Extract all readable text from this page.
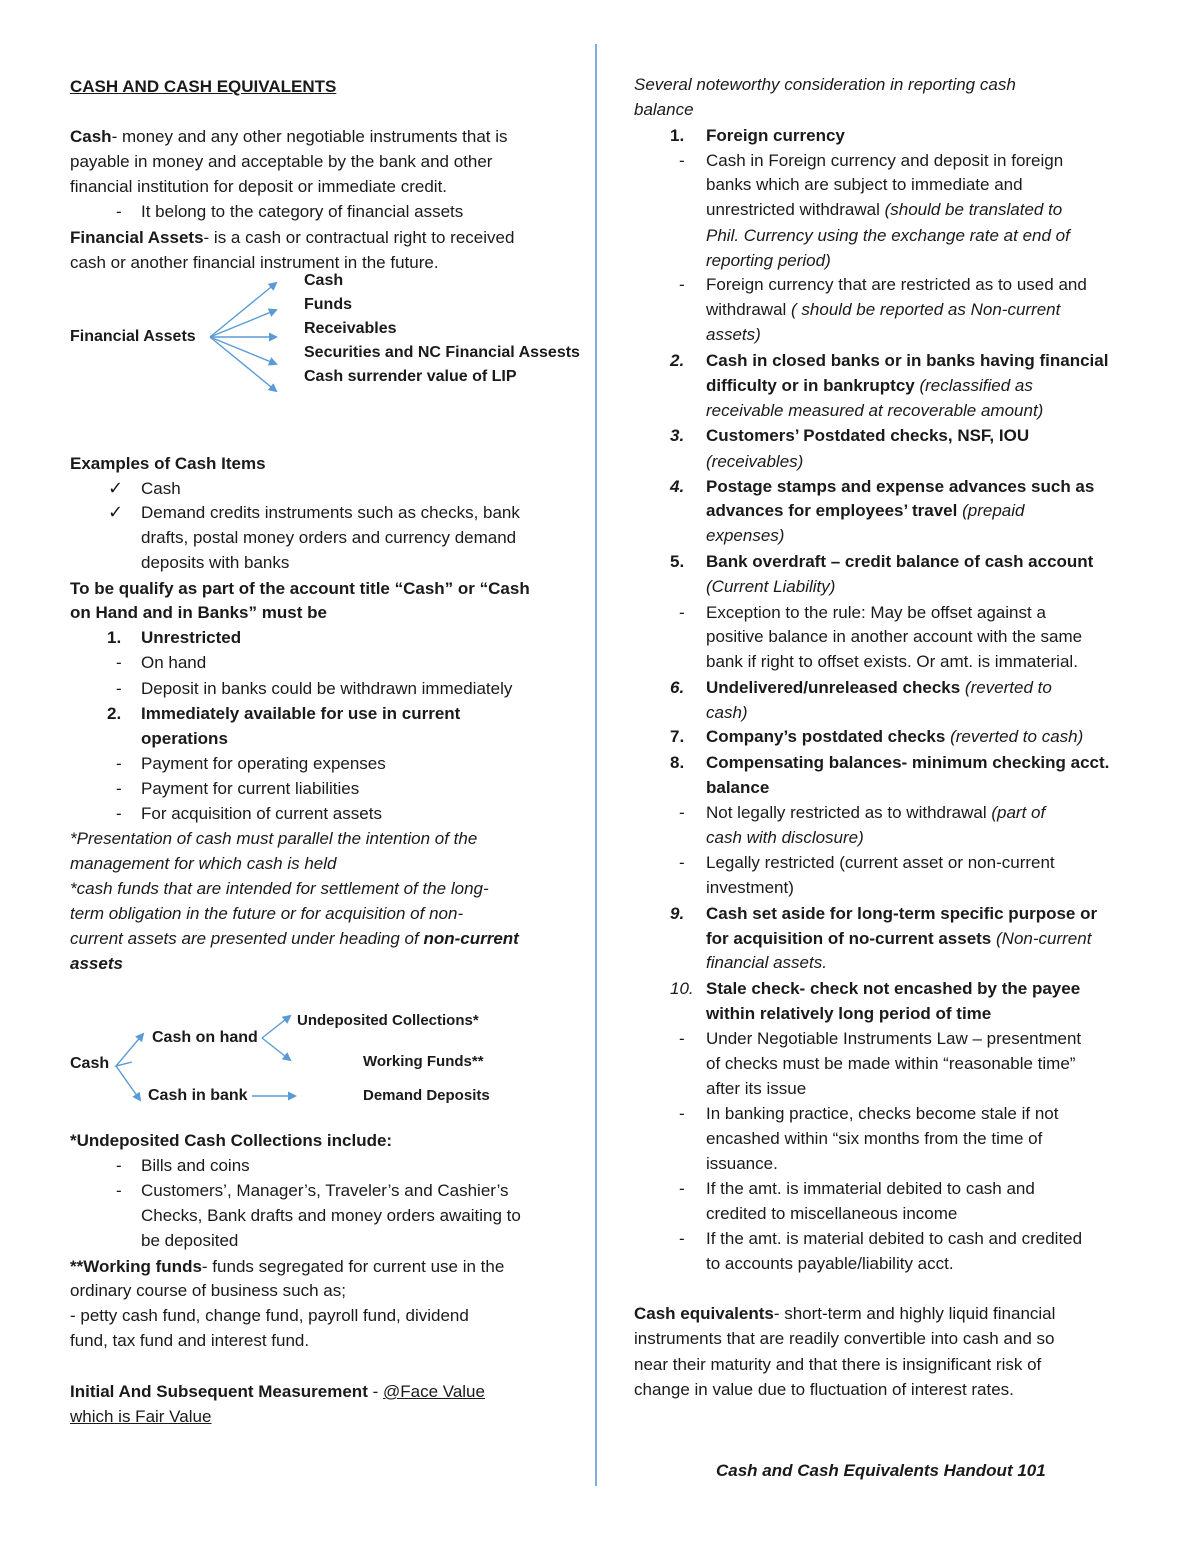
CASH AND CASH EQUIVALENTS
Cash- money and any other negotiable instruments that is
payable in money and acceptable by the bank and other
financial institution for deposit or immediate credit.
-	It belong to the category of financial assets
Financial Assets- is a cash or contractual right to received
cash or another financial instrument in the future.
Financial Assets
Cash
Funds
Receivables
Securities and NC Financial Assests
Cash surrender value of LIP
Examples of Cash Items
✓	Cash
✓	Demand credits instruments such as checks, bank
drafts, postal money orders and currency demand
deposits with banks
To be qualify as part of the account title “Cash” or “Cash
on Hand and in Banks” must be
1.	Unrestricted
-	On hand
-	Deposit in banks could be withdrawn immediately
2.	Immediately available for use in current
operations
-	Payment for operating expenses
-	Payment for current liabilities
-	For acquisition of current assets
*Presentation of cash must parallel the intention of the
management for which cash is held
*cash funds that are intended for settlement of the long-
term obligation in the future or for acquisition of non-
current assets are presented under heading of non-current
assets
Cash
Cash on hand
Cash in bank
Undeposited Collections*
Working Funds**
Demand Deposits
*Undeposited Cash Collections include:
-	Bills and coins
-	Customers’, Manager’s, Traveler’s and Cashier’s
Checks, Bank drafts and money orders awaiting to
be deposited
**Working funds- funds segregated for current use in the
ordinary course of business such as;
- petty cash fund, change fund, payroll fund, dividend
fund, tax fund and interest fund.
Initial And Subsequent Measurement - @Face Value
which is Fair Value
Several noteworthy consideration in reporting cash
balance
1.	Foreign currency
-	Cash in Foreign currency and deposit in foreign
banks which are subject to immediate and
unrestricted withdrawal (should be translated to
Phil. Currency using the exchange rate at end of
reporting period)
-	Foreign currency that are restricted as to used and
withdrawal ( should be reported as Non-current
assets)
2.	Cash in closed banks or in banks having financial
difficulty or in bankruptcy (reclassified as
receivable measured at recoverable amount)
3.	Customers’ Postdated checks, NSF, IOU
(receivables)
4.	Postage stamps and expense advances such as
advances for employees’ travel (prepaid
expenses)
5.	Bank overdraft – credit balance of cash account
(Current Liability)
-	Exception to the rule: May be offset against a
positive balance in another account with the same
bank if right to offset exists. Or amt. is immaterial.
6.	Undelivered/unreleased checks (reverted to
cash)
7.	Company’s postdated checks (reverted to cash)
8.	Compensating balances- minimum checking acct.
balance
-	Not legally restricted as to withdrawal (part of
cash with disclosure)
-	Legally restricted (current asset or non-current
investment)
9.	Cash set aside for long-term specific purpose or
for acquisition of no-current assets (Non-current
financial assets.
10. Stale check- check not encashed by the payee
within relatively long period of time
-	Under Negotiable Instruments Law – presentment
of checks must be made within “reasonable time”
after its issue
-	In banking practice, checks become stale if not
encashed within “six months from the time of
issuance.
-	If the amt. is immaterial debited to cash and
credited to miscellaneous income
-	If the amt. is material debited to cash and credited
to accounts payable/liability acct.
Cash equivalents- short-term and highly liquid financial
instruments that are readily convertible into cash and so
near their maturity and that there is insignificant risk of
change in value due to fluctuation of interest rates.
Cash and Cash Equivalents Handout 101
